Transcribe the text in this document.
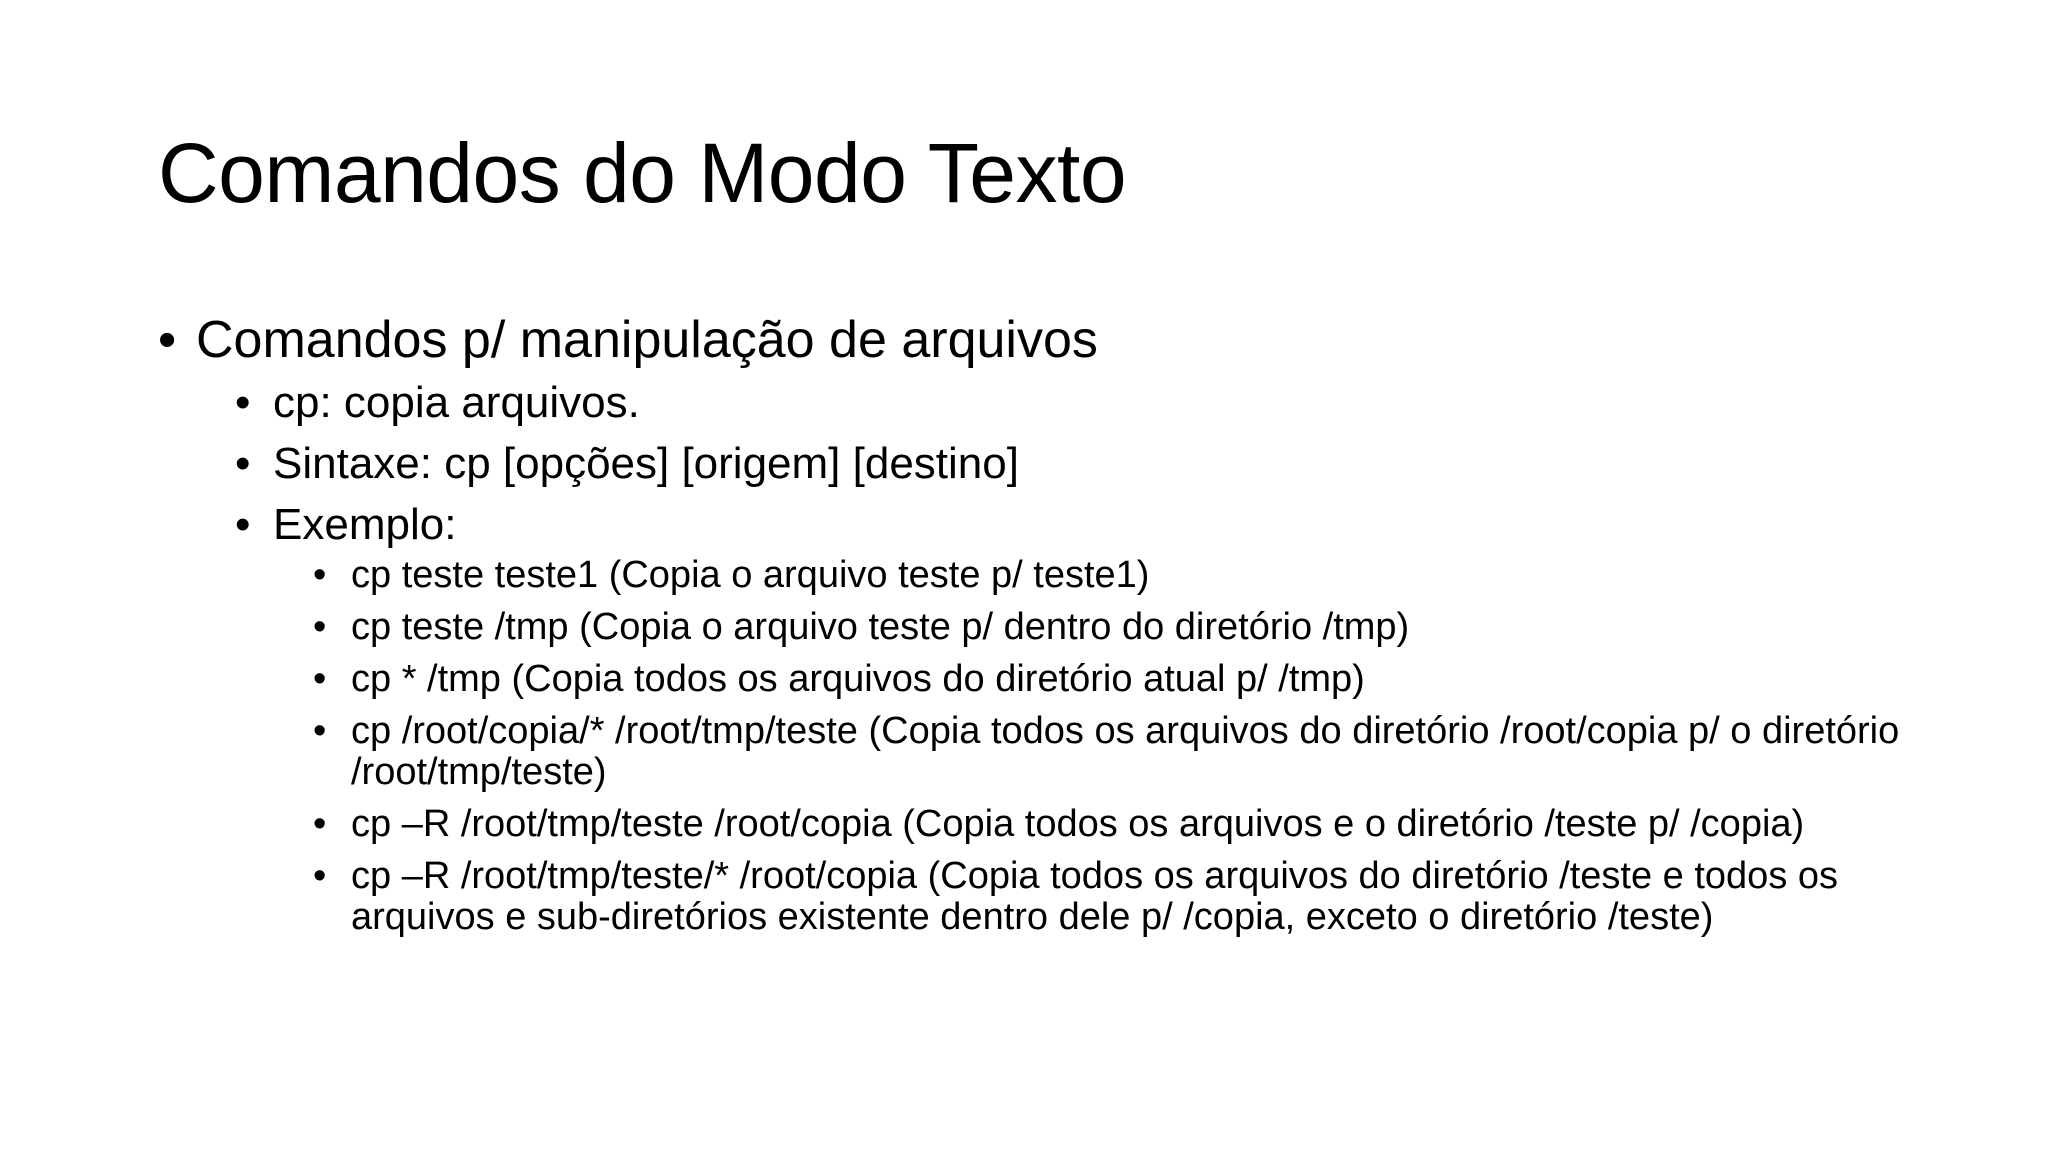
Comandos do Modo Texto
• Comandos p/ manipulação de arquivos
• cp: copia arquivos.
• Sintaxe: cp [opções] [origem] [destino]
• Exemplo:
• cp teste teste1 (Copia o arquivo teste p/ teste1)
• cp teste /tmp (Copia o arquivo teste p/ dentro do diretório /tmp)
• cp * /tmp (Copia todos os arquivos do diretório atual p/ /tmp)
• cp /root/copia/* /root/tmp/teste (Copia todos os arquivos do diretório /root/copia p/ o diretório /root/tmp/teste)
• cp –R /root/tmp/teste /root/copia (Copia todos os arquivos e o diretório /teste p/ /copia)
• cp –R /root/tmp/teste/* /root/copia (Copia todos os arquivos do diretório /teste e todos os arquivos e sub-diretórios existente dentro dele p/ /copia, exceto o diretório /teste)
